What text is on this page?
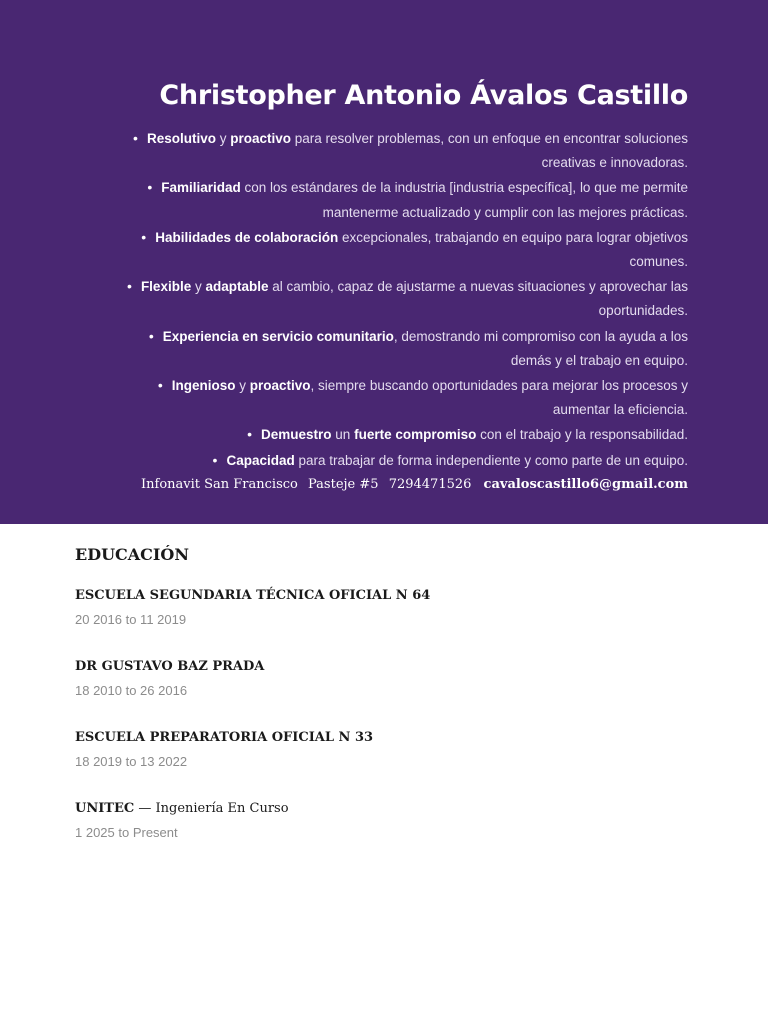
Christopher Antonio Ávalos Castillo
• Resolutivo y proactivo para resolver problemas, con un enfoque en encontrar soluciones
creativas e innovadoras.
• Familiaridad con los estándares de la industria [industria específica], lo que me permite
mantenerme actualizado y cumplir con las mejores prácticas.
• Habilidades de colaboración excepcionales, trabajando en equipo para lograr objetivos
comunes.
• Flexible y adaptable al cambio, capaz de ajustarme a nuevas situaciones y aprovechar las
oportunidades.
• Experiencia en servicio comunitario, demostrando mi compromiso con la ayuda a los
demás y el trabajo en equipo.
• Ingenioso y proactivo, siempre buscando oportunidades para mejorar los procesos y
aumentar la eficiencia.
• Demuestro un fuerte compromiso con el trabajo y la responsabilidad.
• Capacidad para trabajar de forma independiente y como parte de un equipo.
Infonavit San Francisco Pasteje #5 7294471526 cavaloscastillo6@gmail.com
EDUCACIÓN
ESCUELA SEGUNDARIA TÉCNICA OFICIAL N 64
20 2016 to 11 2019
DR GUSTAVO BAZ PRADA
18 2010 to 26 2016
ESCUELA PREPARATORIA OFICIAL N 33
18 2019 to 13 2022
UNITEC — Ingeniería En Curso
1 2025 to Present
